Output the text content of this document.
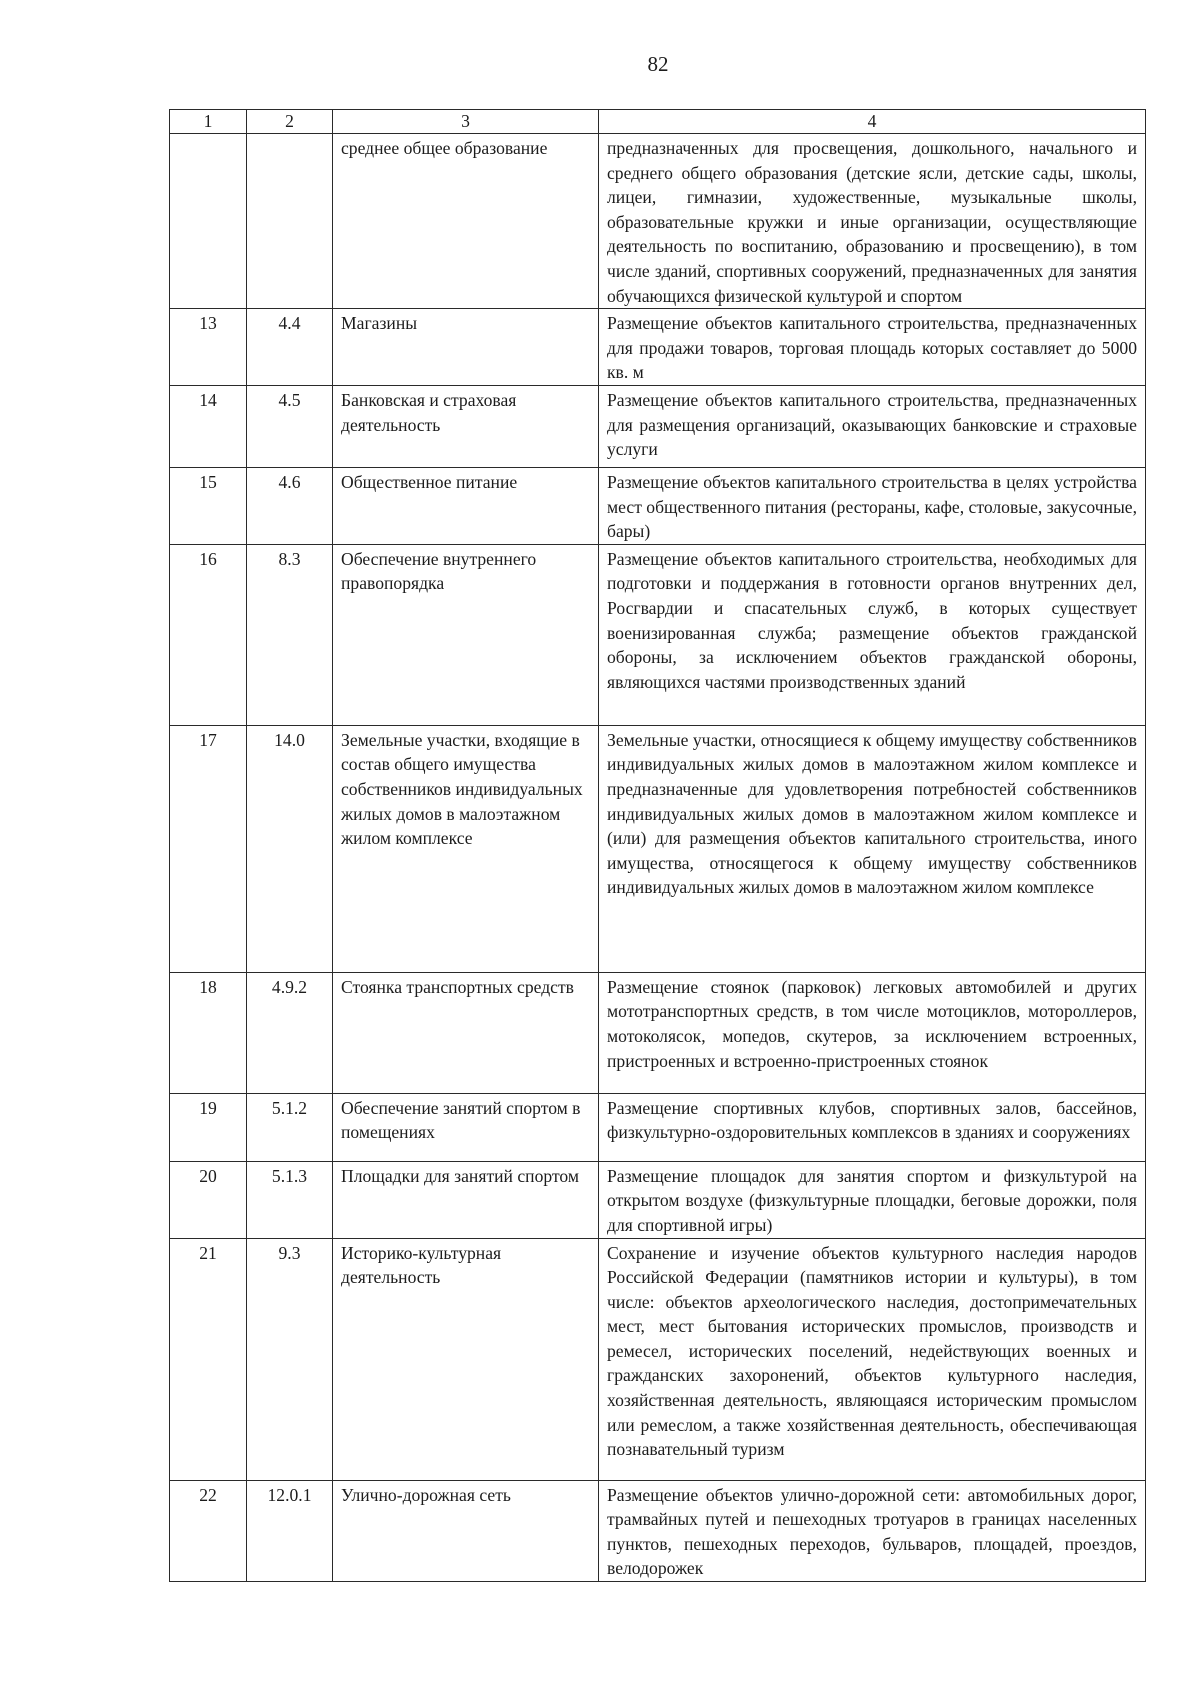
82
1	2	3	4
		среднее общее образование	предназначенных для просвещения, дошкольного, начального и среднего общего образования (детские ясли, детские сады, школы, лицеи, гимназии, художественные, музыкальные школы, образовательные кружки и иные организации, осуществляющие деятельность по воспитанию, образованию и просвещению), в том числе зданий, спортивных сооружений, предназначенных для занятия обучающихся физической культурой и спортом
13	4.4	Магазины	Размещение объектов капитального строительства, предназначенных для продажи товаров, торговая площадь которых составляет до 5000 кв. м
14	4.5	Банковская и страховая деятельность	Размещение объектов капитального строительства, предназначенных для размещения организаций, оказывающих банковские и страховые услуги
15	4.6	Общественное питание	Размещение объектов капитального строительства в целях устройства мест общественного питания (рестораны, кафе, столовые, закусочные, бары)
16	8.3	Обеспечение внутреннего правопорядка	Размещение объектов капитального строительства, необходимых для подготовки и поддержания в готовности органов внутренних дел, Росгвардии и спасательных служб, в которых существует военизированная служба; размещение объектов гражданской обороны, за исключением объектов гражданской обороны, являющихся частями производственных зданий
17	14.0	Земельные участки, входящие в состав общего имущества собственников индивидуальных жилых домов в малоэтажном жилом комплексе	Земельные участки, относящиеся к общему имуществу собственников индивидуальных жилых домов в малоэтажном жилом комплексе и предназначенные для удовлетворения потребностей собственников индивидуальных жилых домов в малоэтажном жилом комплексе и (или) для размещения объектов капитального строительства, иного имущества, относящегося к общему имуществу собственников индивидуальных жилых домов в малоэтажном жилом комплексе
18	4.9.2	Стоянка транспортных средств	Размещение стоянок (парковок) легковых автомобилей и других мототранспортных средств, в том числе мотоциклов, мотороллеров, мотоколясок, мопедов, скутеров, за исключением встроенных, пристроенных и встроенно-пристроенных стоянок
19	5.1.2	Обеспечение занятий спортом в помещениях	Размещение спортивных клубов, спортивных залов, бассейнов, физкультурно-оздоровительных комплексов в зданиях и сооружениях
20	5.1.3	Площадки для занятий спортом	Размещение площадок для занятия спортом и физкультурой на открытом воздухе (физкультурные площадки, беговые дорожки, поля для спортивной игры)
21	9.3	Историко-культурная деятельность	Сохранение и изучение объектов культурного наследия народов Российской Федерации (памятников истории и культуры), в том числе: объектов археологического наследия, достопримечательных мест, мест бытования исторических промыслов, производств и ремесел, исторических поселений, недействующих военных и гражданских захоронений, объектов культурного наследия, хозяйственная деятельность, являющаяся историческим промыслом или ремеслом, а также хозяйственная деятельность, обеспечивающая познавательный туризм
22	12.0.1	Улично-дорожная сеть	Размещение объектов улично-дорожной сети: автомобильных дорог, трамвайных путей и пешеходных тротуаров в границах населенных пунктов, пешеходных переходов, бульваров, площадей, проездов, велодорожек
